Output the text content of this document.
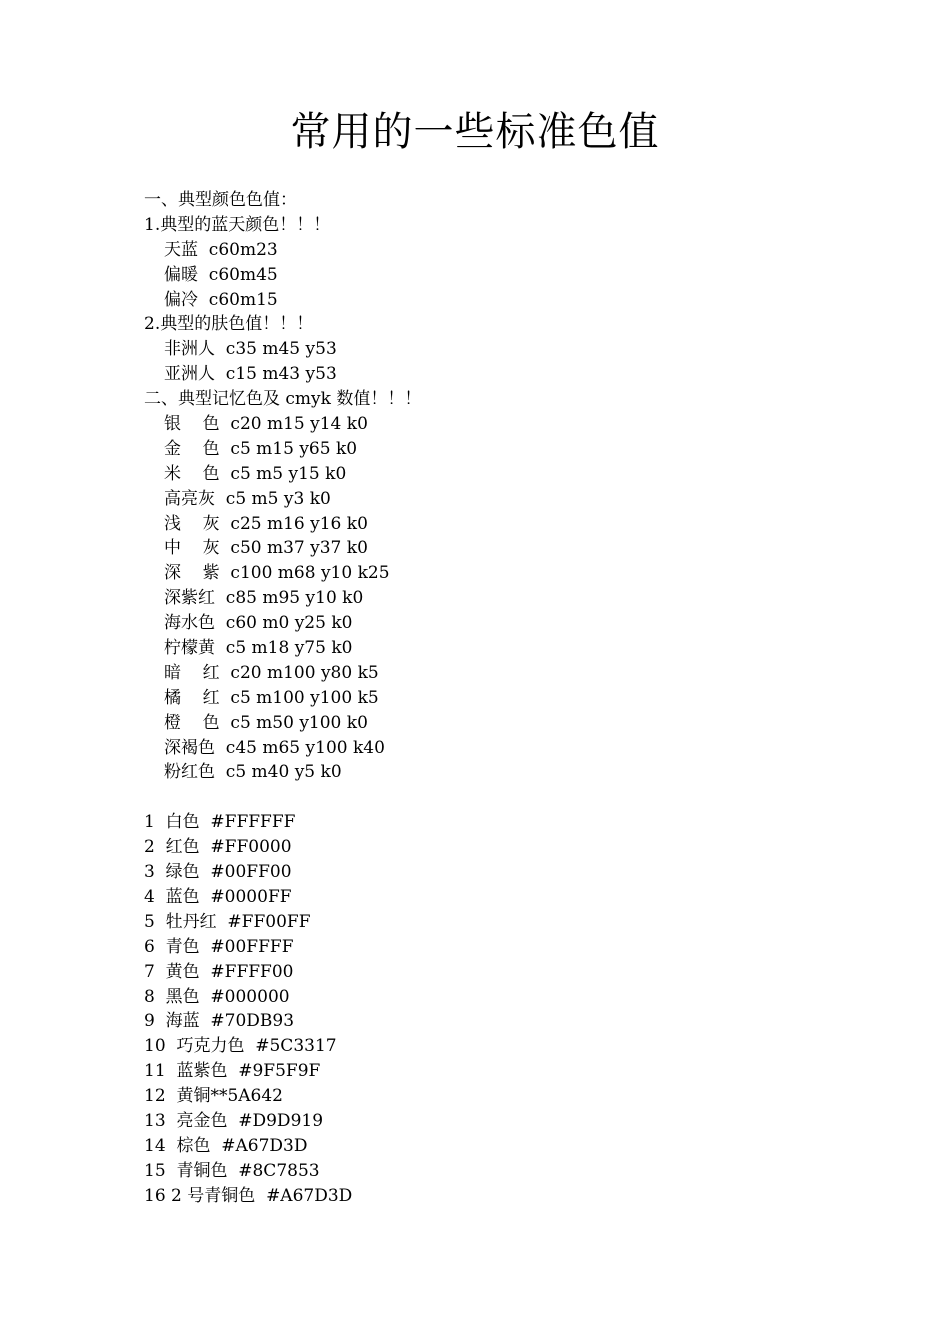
常用的一些标准色值
一、典型颜色色值：
1.典型的蓝天颜色！！！
天蓝  c60m23
偏暖  c60m45
偏冷  c60m15
2.典型的肤色值！！！
非洲人  c35 m45 y53
亚洲人  c15 m43 y53
二、典型记忆色及 cmyk 数值！！！
银    色  c20 m15 y14 k0
金    色  c5 m15 y65 k0
米    色  c5 m5 y15 k0
高亮灰  c5 m5 y3 k0
浅    灰  c25 m16 y16 k0
中    灰  c50 m37 y37 k0
深    紫  c100 m68 y10 k25
深紫红  c85 m95 y10 k0
海水色  c60 m0 y25 k0
柠檬黄  c5 m18 y75 k0
暗    红  c20 m100 y80 k5
橘    红  c5 m100 y100 k5
橙    色  c5 m50 y100 k0
深褐色  c45 m65 y100 k40
粉红色  c5 m40 y5 k0
1  白色  #FFFFFF
2  红色  #FF0000
3  绿色  #00FF00
4  蓝色  #0000FF
5  牡丹红  #FF00FF
6  青色  #00FFFF
7  黄色  #FFFF00
8  黑色  #000000
9  海蓝  #70DB93
10  巧克力色  #5C3317
11  蓝紫色  #9F5F9F
12  黄铜**5A642
13  亮金色  #D9D919
14  棕色  #A67D3D
15  青铜色  #8C7853
16 2 号青铜色  #A67D3D
